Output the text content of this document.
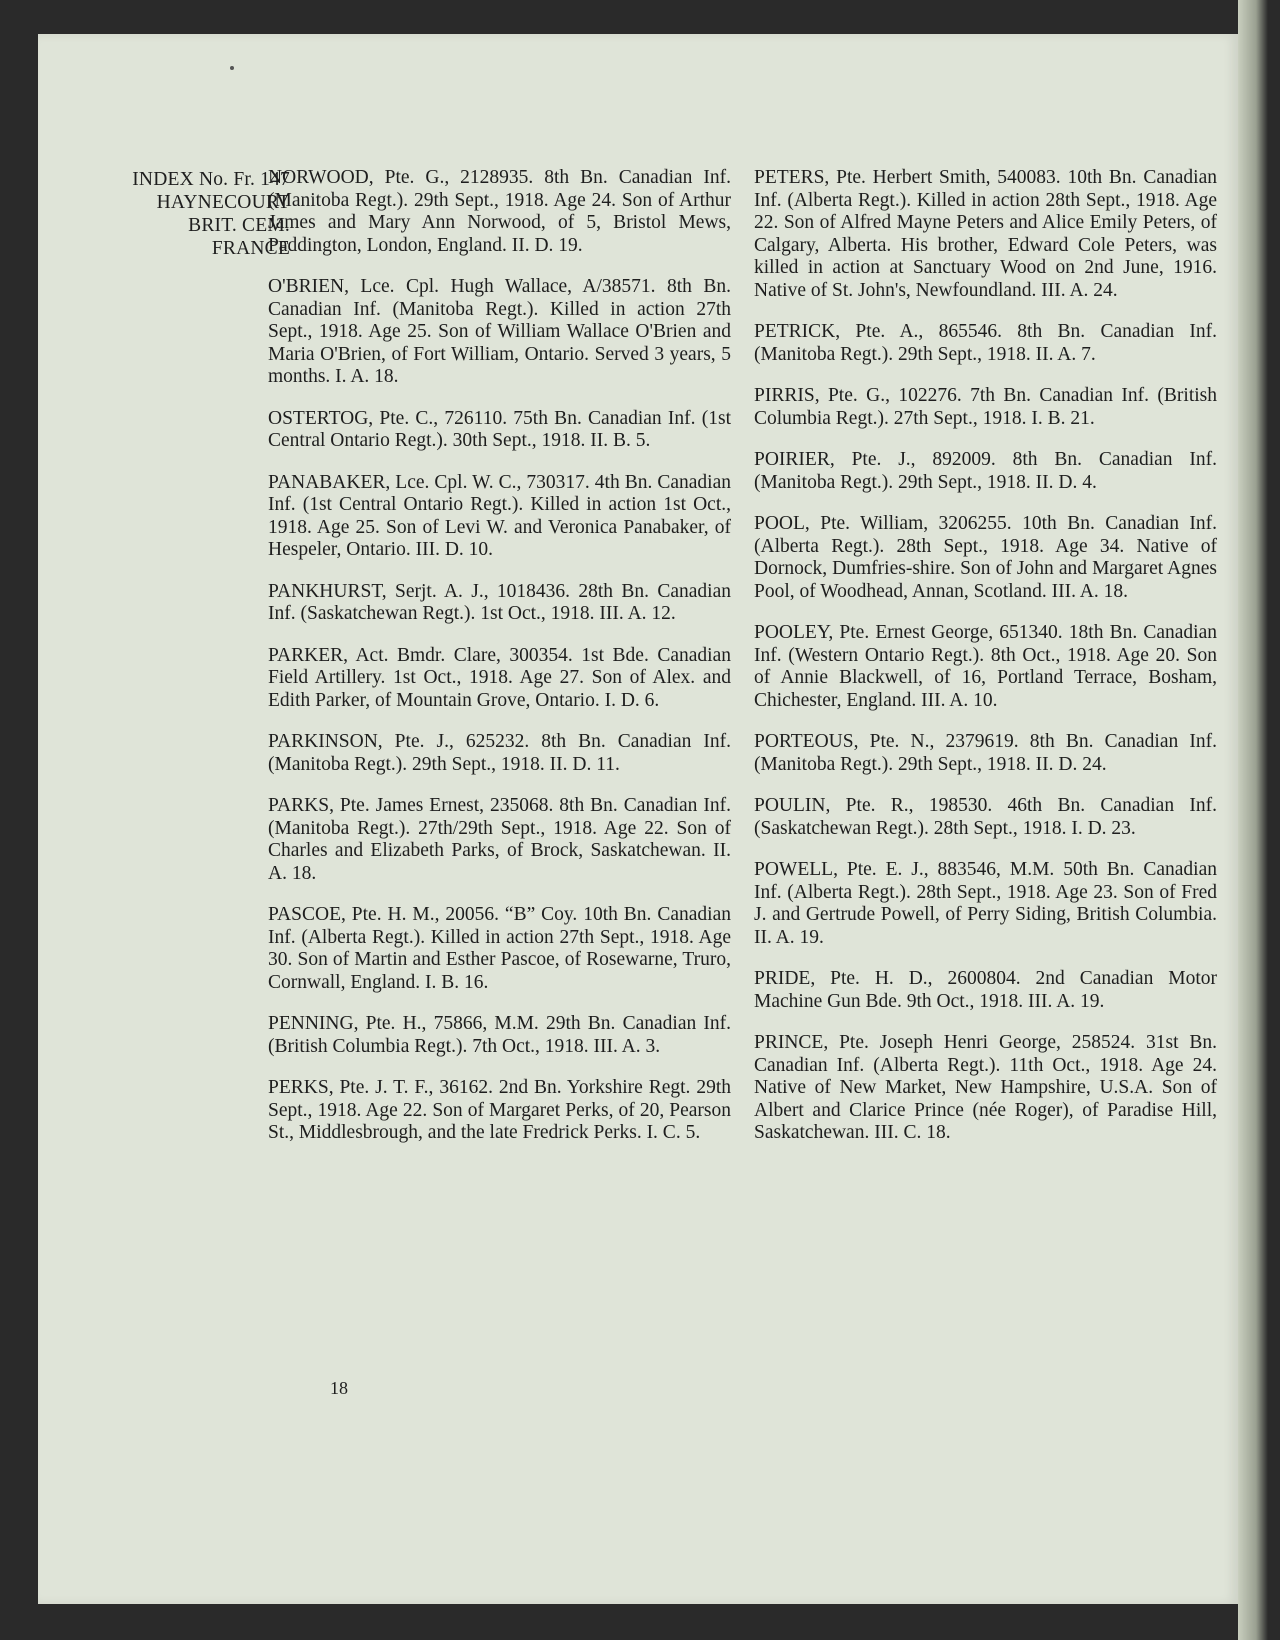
INDEX No. Fr. 147
HAYNECOURT
BRIT. CEM.
FRANCE

NORWOOD, Pte. G., 2128935. 8th Bn. Canadian Inf. (Manitoba Regt.). 29th Sept., 1918. Age 24. Son of Arthur James and Mary Ann Norwood, of 5, Bristol Mews, Paddington, London, England. II. D. 19.

O'BRIEN, Lce. Cpl. Hugh Wallace, A/38571. 8th Bn. Canadian Inf. (Manitoba Regt.). Killed in action 27th Sept., 1918. Age 25. Son of William Wallace O'Brien and Maria O'Brien, of Fort William, Ontario. Served 3 years, 5 months. I. A. 18.

OSTERTOG, Pte. C., 726110. 75th Bn. Canadian Inf. (1st Central Ontario Regt.). 30th Sept., 1918. II. B. 5.

PANABAKER, Lce. Cpl. W. C., 730317. 4th Bn. Canadian Inf. (1st Central Ontario Regt.). Killed in action 1st Oct., 1918. Age 25. Son of Levi W. and Veronica Panabaker, of Hespeler, Ontario. III. D. 10.

PANKHURST, Serjt. A. J., 1018436. 28th Bn. Canadian Inf. (Saskatchewan Regt.). 1st Oct., 1918. III. A. 12.

PARKER, Act. Bmdr. Clare, 300354. 1st Bde. Canadian Field Artillery. 1st Oct., 1918. Age 27. Son of Alex. and Edith Parker, of Mountain Grove, Ontario. I. D. 6.

PARKINSON, Pte. J., 625232. 8th Bn. Canadian Inf. (Manitoba Regt.). 29th Sept., 1918. II. D. 11.

PARKS, Pte. James Ernest, 235068. 8th Bn. Canadian Inf. (Manitoba Regt.). 27th/29th Sept., 1918. Age 22. Son of Charles and Elizabeth Parks, of Brock, Saskatchewan. II. A. 18.

PASCOE, Pte. H. M., 20056. “B” Coy. 10th Bn. Canadian Inf. (Alberta Regt.). Killed in action 27th Sept., 1918. Age 30. Son of Martin and Esther Pascoe, of Rosewarne, Truro, Cornwall, England. I. B. 16.

PENNING, Pte. H., 75866, M.M. 29th Bn. Canadian Inf. (British Columbia Regt.). 7th Oct., 1918. III. A. 3.

PERKS, Pte. J. T. F., 36162. 2nd Bn. Yorkshire Regt. 29th Sept., 1918. Age 22. Son of Margaret Perks, of 20, Pearson St., Middlesbrough, and the late Fredrick Perks. I. C. 5.

PETERS, Pte. Herbert Smith, 540083. 10th Bn. Canadian Inf. (Alberta Regt.). Killed in action 28th Sept., 1918. Age 22. Son of Alfred Mayne Peters and Alice Emily Peters, of Calgary, Alberta. His brother, Edward Cole Peters, was killed in action at Sanctuary Wood on 2nd June, 1916. Native of St. John's, Newfoundland. III. A. 24.

PETRICK, Pte. A., 865546. 8th Bn. Canadian Inf. (Manitoba Regt.). 29th Sept., 1918. II. A. 7.

PIRRIS, Pte. G., 102276. 7th Bn. Canadian Inf. (British Columbia Regt.). 27th Sept., 1918. I. B. 21.

POIRIER, Pte. J., 892009. 8th Bn. Canadian Inf. (Manitoba Regt.). 29th Sept., 1918. II. D. 4.

POOL, Pte. William, 3206255. 10th Bn. Canadian Inf. (Alberta Regt.). 28th Sept., 1918. Age 34. Native of Dornock, Dumfries-shire. Son of John and Margaret Agnes Pool, of Woodhead, Annan, Scotland. III. A. 18.

POOLEY, Pte. Ernest George, 651340. 18th Bn. Canadian Inf. (Western Ontario Regt.). 8th Oct., 1918. Age 20. Son of Annie Blackwell, of 16, Portland Terrace, Bosham, Chichester, England. III. A. 10.

PORTEOUS, Pte. N., 2379619. 8th Bn. Canadian Inf. (Manitoba Regt.). 29th Sept., 1918. II. D. 24.

POULIN, Pte. R., 198530. 46th Bn. Canadian Inf. (Saskatchewan Regt.). 28th Sept., 1918. I. D. 23.

POWELL, Pte. E. J., 883546, M.M. 50th Bn. Canadian Inf. (Alberta Regt.). 28th Sept., 1918. Age 23. Son of Fred J. and Gertrude Powell, of Perry Siding, British Columbia. II. A. 19.

PRIDE, Pte. H. D., 2600804. 2nd Canadian Motor Machine Gun Bde. 9th Oct., 1918. III. A. 19.

PRINCE, Pte. Joseph Henri George, 258524. 31st Bn. Canadian Inf. (Alberta Regt.). 11th Oct., 1918. Age 24. Native of New Market, New Hampshire, U.S.A. Son of Albert and Clarice Prince (née Roger), of Paradise Hill, Saskatchewan. III. C. 18.

18
